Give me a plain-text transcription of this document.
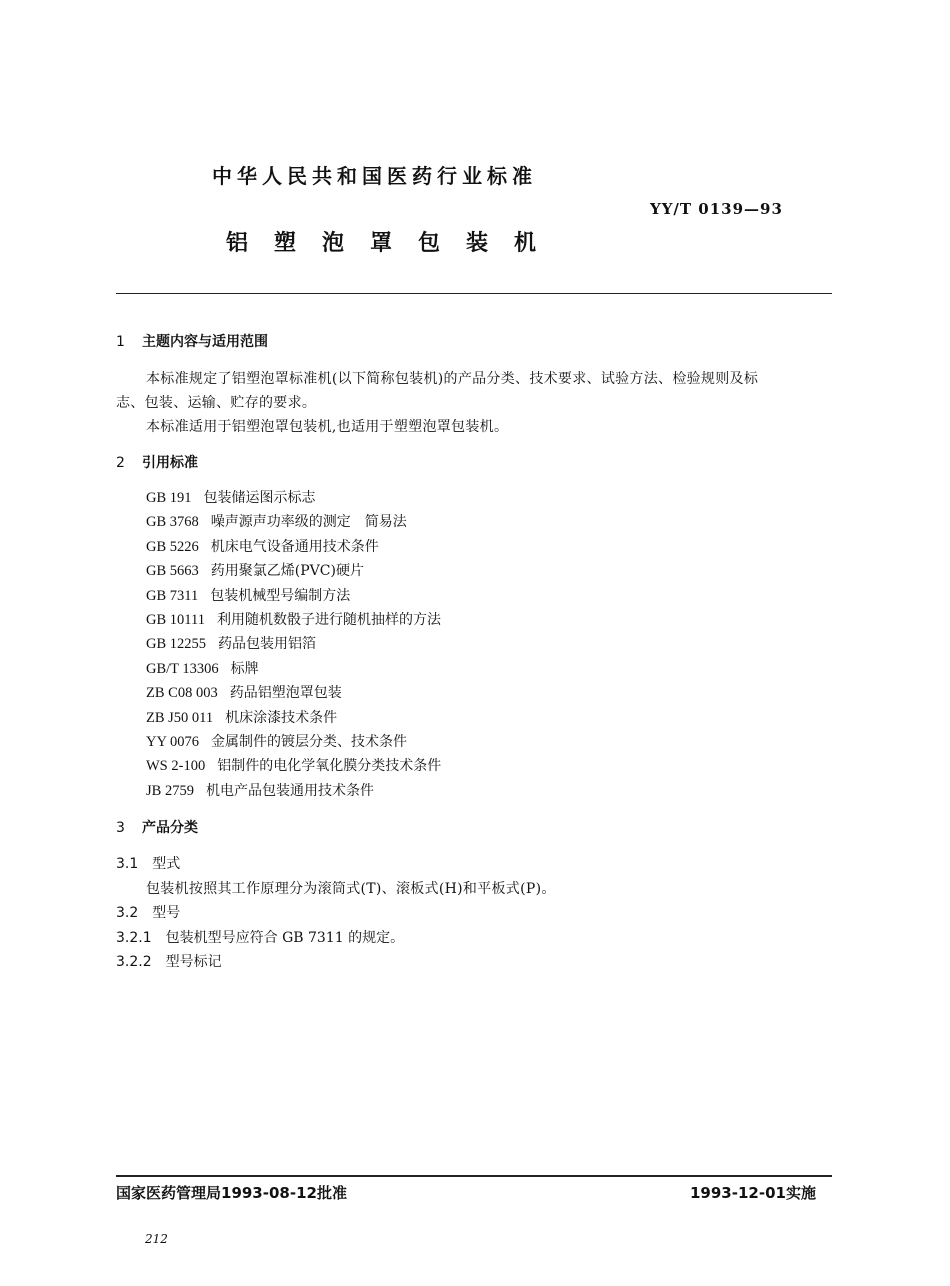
中华人民共和国医药行业标准
YY/T 0139—93
铝塑泡罩包装机
1 主题内容与适用范围
本标准规定了铝塑泡罩标准机(以下简称包装机)的产品分类、技术要求、试验方法、检验规则及标
志、包装、运输、贮存的要求。
本标准适用于铝塑泡罩包装机,也适用于塑塑泡罩包装机。
2 引用标准
GB 191 包装储运图示标志
GB 3768 噪声源声功率级的测定　简易法
GB 5226 机床电气设备通用技术条件
GB 5663 药用聚氯乙烯(PVC)硬片
GB 7311 包装机械型号编制方法
GB 10111 利用随机数骰子进行随机抽样的方法
GB 12255 药品包装用铝箔
GB/T 13306 标牌
ZB C08 003 药品铝塑泡罩包装
ZB J50 011 机床涂漆技术条件
YY 0076 金属制件的镀层分类、技术条件
WS 2-100 铝制件的电化学氧化膜分类技术条件
JB 2759 机电产品包装通用技术条件
3 产品分类
3.1 型式
包装机按照其工作原理分为滚筒式(T)、滚板式(H)和平板式(P)。
3.2 型号
3.2.1 包装机型号应符合 GB 7311 的规定。
3.2.2 型号标记
国家医药管理局1993-08-12批准	1993-12-01实施
212
